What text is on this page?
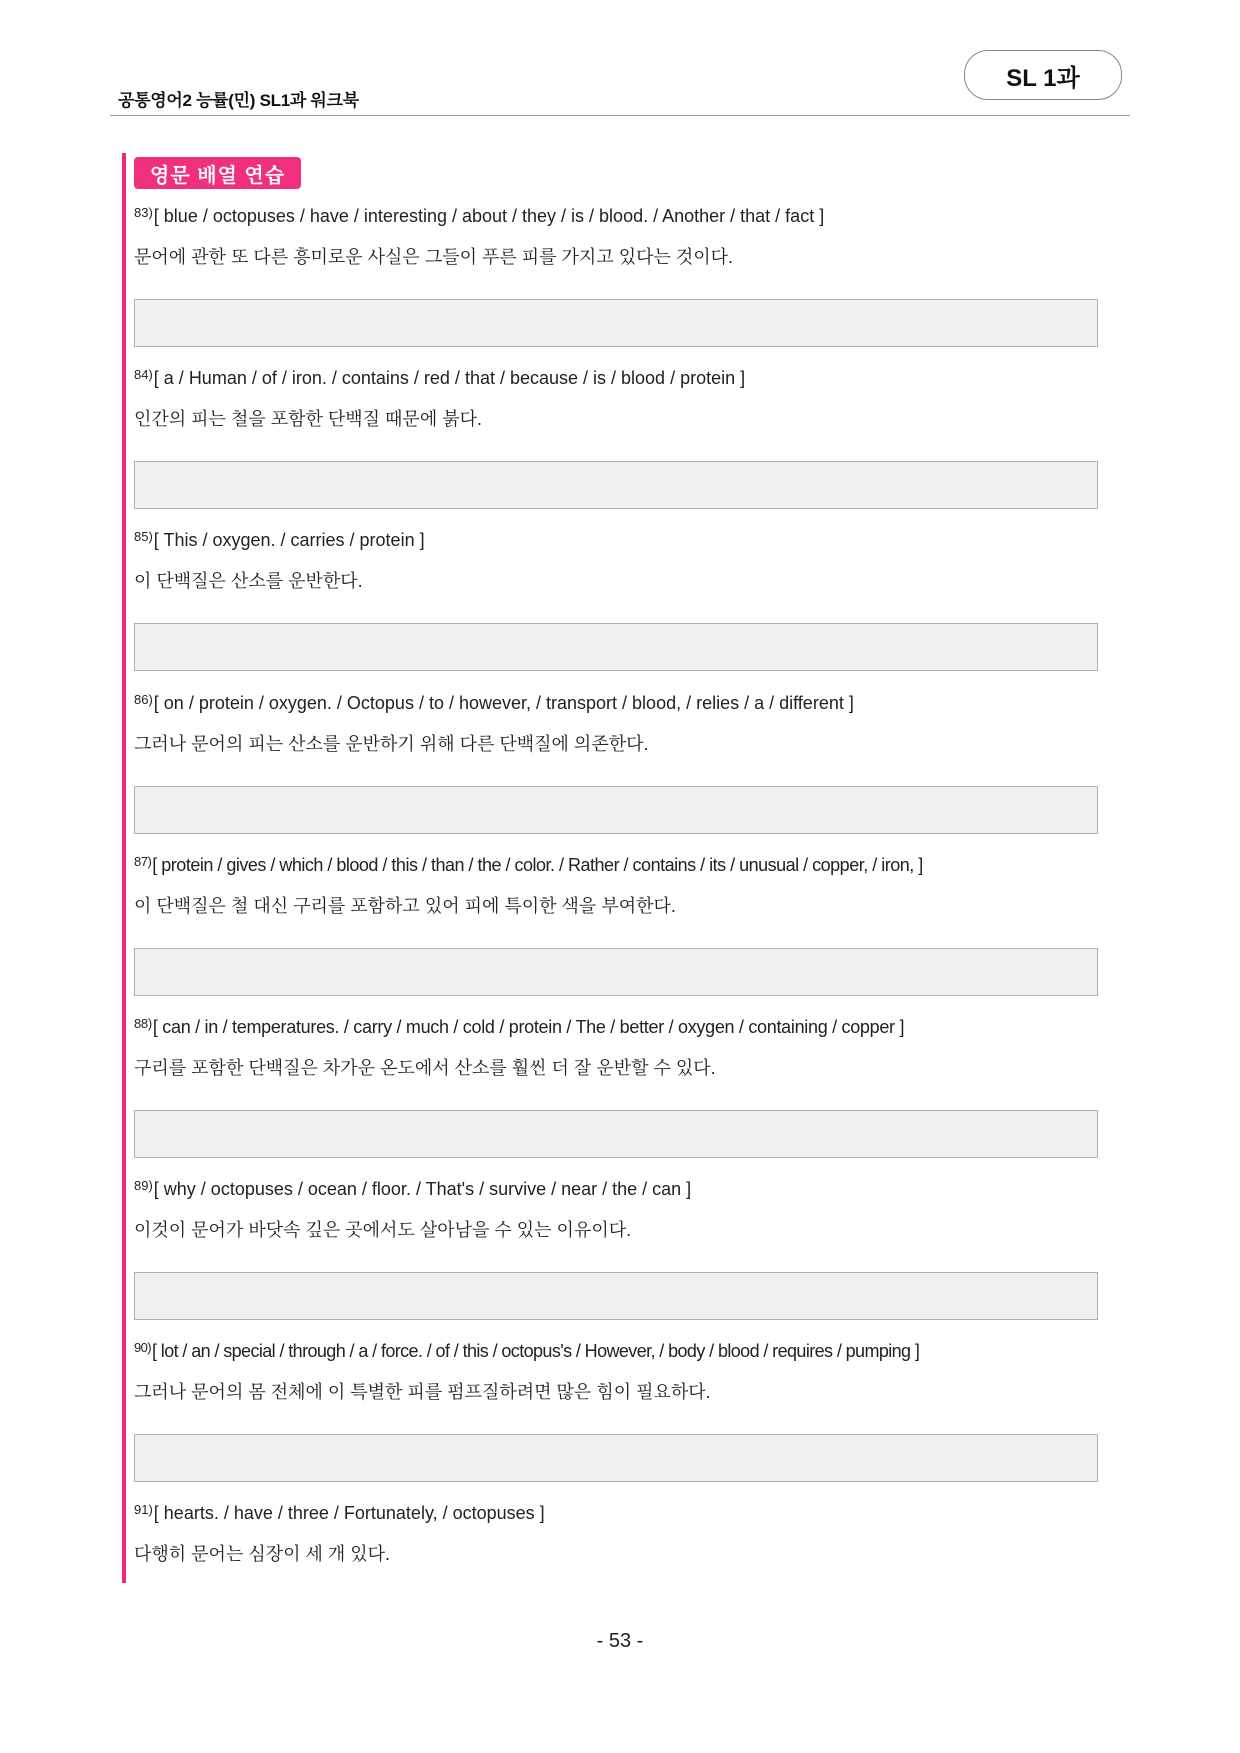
공통영어2 능률(민) SL1과 워크북
SL 1과
영문 배열 연습
$^{83)}$[ blue / octopuses / have / interesting / about / they / is / blood. / Another / that / fact ]
문어에 관한 또 다른 흥미로운 사실은 그들이 푸른 피를 가지고 있다는 것이다.
$^{84)}$[ a / Human / of / iron. / contains / red / that / because / is / blood / protein ]
인간의 피는 철을 포함한 단백질 때문에 붉다.
$^{85)}$[ This / oxygen. / carries / protein ]
이 단백질은 산소를 운반한다.
$^{86)}$[ on / protein / oxygen. / Octopus / to / however, / transport / blood, / relies / a / different ]
그러나 문어의 피는 산소를 운반하기 위해 다른 단백질에 의존한다.
$^{87)}$[ protein / gives / which / blood / this / than / the / color. / Rather / contains / its / unusual / copper, / iron, ]
이 단백질은 철 대신 구리를 포함하고 있어 피에 특이한 색을 부여한다.
$^{88)}$[ can / in / temperatures. / carry / much / cold / protein / The / better / oxygen / containing / copper ]
구리를 포함한 단백질은 차가운 온도에서 산소를 훨씬 더 잘 운반할 수 있다.
$^{89)}$[ why / octopuses / ocean / floor. / That's / survive / near / the / can ]
이것이 문어가 바닷속 깊은 곳에서도 살아남을 수 있는 이유이다.
$^{90)}$[ lot / an / special / through / a / force. / of / this / octopus's / However, / body / blood / requires / pumping ]
그러나 문어의 몸 전체에 이 특별한 피를 펌프질하려면 많은 힘이 필요하다.
$^{91)}$[ hearts. / have / three / Fortunately, / octopuses ]
다행히 문어는 심장이 세 개 있다.
- 53 -
